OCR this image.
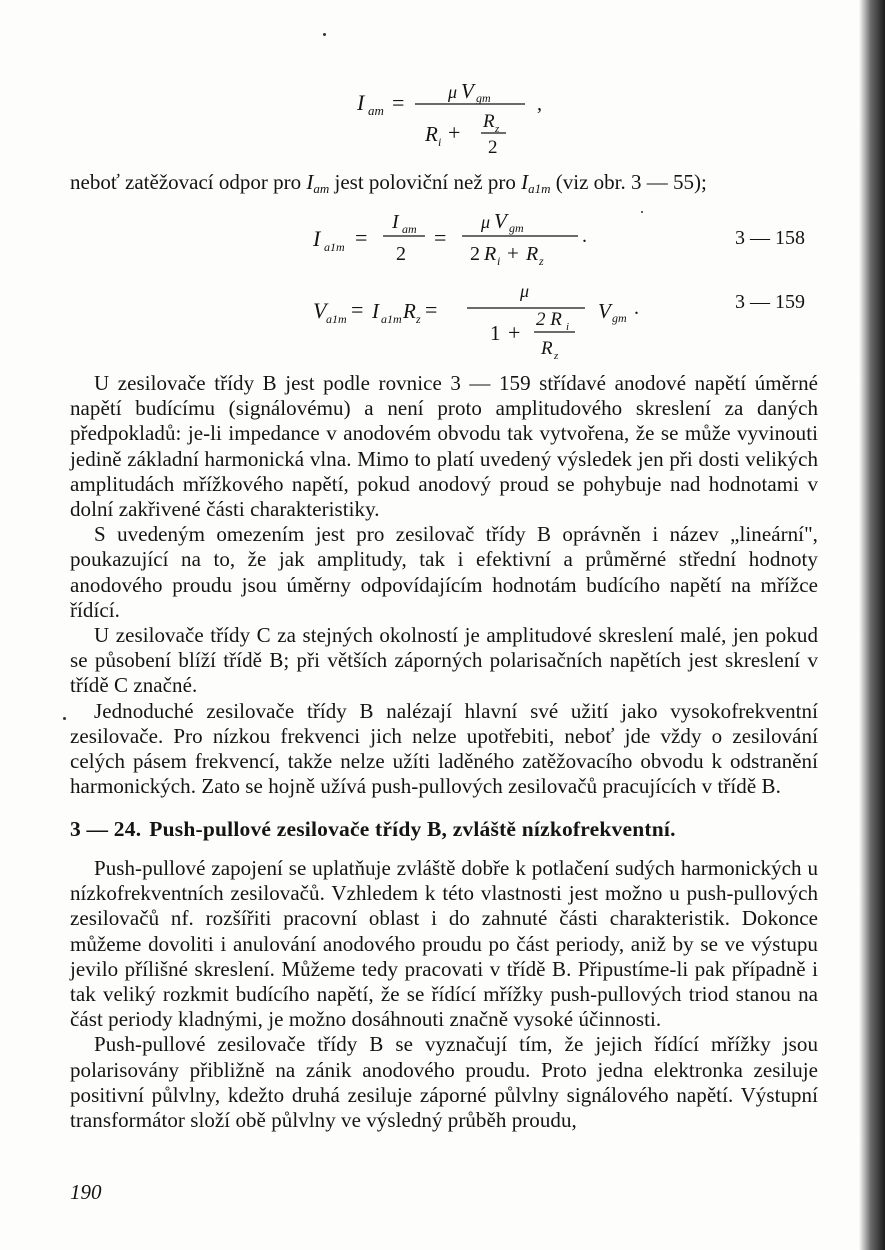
I am = μ V gm
R i + R z
2
,
I a1m =
I am
2
=
μ V gm
2 R i + R z
.	3 — 158
V a1m = I a1m R z =
μ
1 +
2 R i
R z
V gm .	3 — 159
neboť zatěžovací odpor pro $I_{am}$ jest poloviční než pro $I_{a1m}$ (viz obr. 3 — 55);

U zesilovače třídy B jest podle rovnice 3 — 159 střídavé anodové napětí úměrné napětí budícímu (signálovému) a není proto amplitudového skreslení za daných předpokladů: je-li impedance v anodovém obvodu tak vytvořena, že se může vyvinouti jedině základní harmonická vlna. Mimo to platí uvedený výsledek jen při dosti velikých amplitudách mřížkového napětí, pokud anodový proud se pohybuje nad hodnotami v dolní zakřivené části charakteristiky.

S uvedeným omezením jest pro zesilovač třídy B oprávněn i název „lineární", poukazující na to, že jak amplitudy, tak i efektivní a průměrné střední hodnoty anodového proudu jsou úměrny odpovídajícím hodnotám budícího napětí na mřížce řídící.

U zesilovače třídy C za stejných okolností je amplitudové skreslení malé, jen pokud se působení blíží třídě B; při větších záporných polarisačních napětích jest skreslení v třídě C značné.

Jednoduché zesilovače třídy B nalézají hlavní své užití jako vysokofrekventní zesilovače. Pro nízkou frekvenci jich nelze upotřebiti, neboť jde vždy o zesilování celých pásem frekvencí, takže nelze užíti laděného zatěžovacího obvodu k odstranění harmonických. Zato se hojně užívá push-pullových zesilovačů pracujících v třídě B.

3 — 24. Push-pullové zesilovače třídy B, zvláště nízkofrekventní.

Push-pullové zapojení se uplatňuje zvláště dobře k potlačení sudých harmonických u nízkofrekventních zesilovačů. Vzhledem k této vlastnosti jest možno u push-pullových zesilovačů nf. rozšířiti pracovní oblast i do zahnuté části charakteristik. Dokonce můžeme dovoliti i anulování anodového proudu po část periody, aniž by se ve výstupu jevilo přílišné skreslení. Můžeme tedy pracovati v třídě B. Připustíme-li pak případně i tak veliký rozkmit budícího napětí, že se řídící mřížky push-pullových triod stanou na část periody kladnými, je možno dosáhnouti značně vysoké účinnosti.

Push-pullové zesilovače třídy B se vyznačují tím, že jejich řídící mřížky jsou polarisovány přibližně na zánik anodového proudu. Proto jedna elektronka zesiluje positivní půlvlny, kdežto druhá zesiluje záporné půlvlny signálového napětí. Výstupní transformátor složí obě půlvlny ve výsledný průběh proudu,

190
